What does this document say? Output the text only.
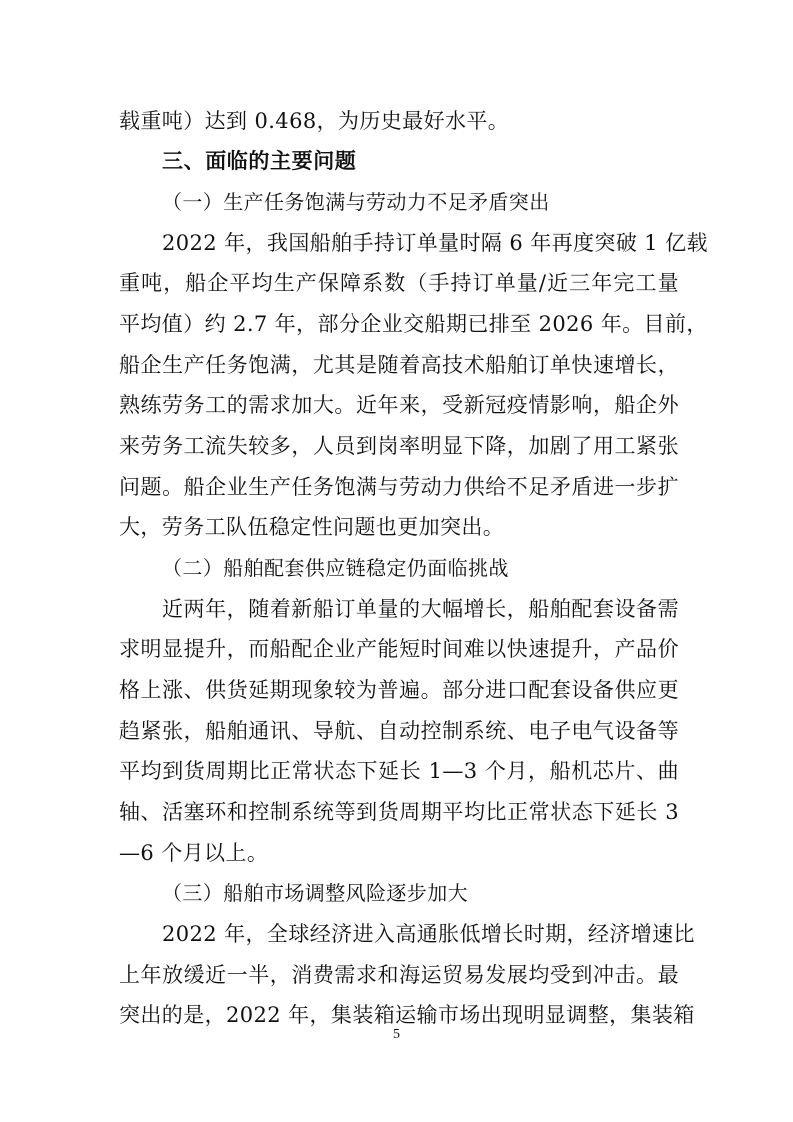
载重吨）达到 0.468，为历史最好水平。
三、面临的主要问题
（一）生产任务饱满与劳动力不足矛盾突出
2022 年，我国船舶手持订单量时隔 6 年再度突破 1 亿载
重吨，船企平均生产保障系数（手持订单量/近三年完工量
平均值）约 2.7 年，部分企业交船期已排至 2026 年。目前，
船企生产任务饱满，尤其是随着高技术船舶订单快速增长，
熟练劳务工的需求加大。近年来，受新冠疫情影响，船企外
来劳务工流失较多，人员到岗率明显下降，加剧了用工紧张
问题。船企业生产任务饱满与劳动力供给不足矛盾进一步扩
大，劳务工队伍稳定性问题也更加突出。
（二）船舶配套供应链稳定仍面临挑战
近两年，随着新船订单量的大幅增长，船舶配套设备需
求明显提升，而船配企业产能短时间难以快速提升，产品价
格上涨、供货延期现象较为普遍。部分进口配套设备供应更
趋紧张，船舶通讯、导航、自动控制系统、电子电气设备等
平均到货周期比正常状态下延长 1—3 个月，船机芯片、曲
轴、活塞环和控制系统等到货周期平均比正常状态下延长 3
—6 个月以上。
（三）船舶市场调整风险逐步加大
2022 年，全球经济进入高通胀低增长时期，经济增速比
上年放缓近一半，消费需求和海运贸易发展均受到冲击。最
突出的是，2022 年，集装箱运输市场出现明显调整，集装箱
5
